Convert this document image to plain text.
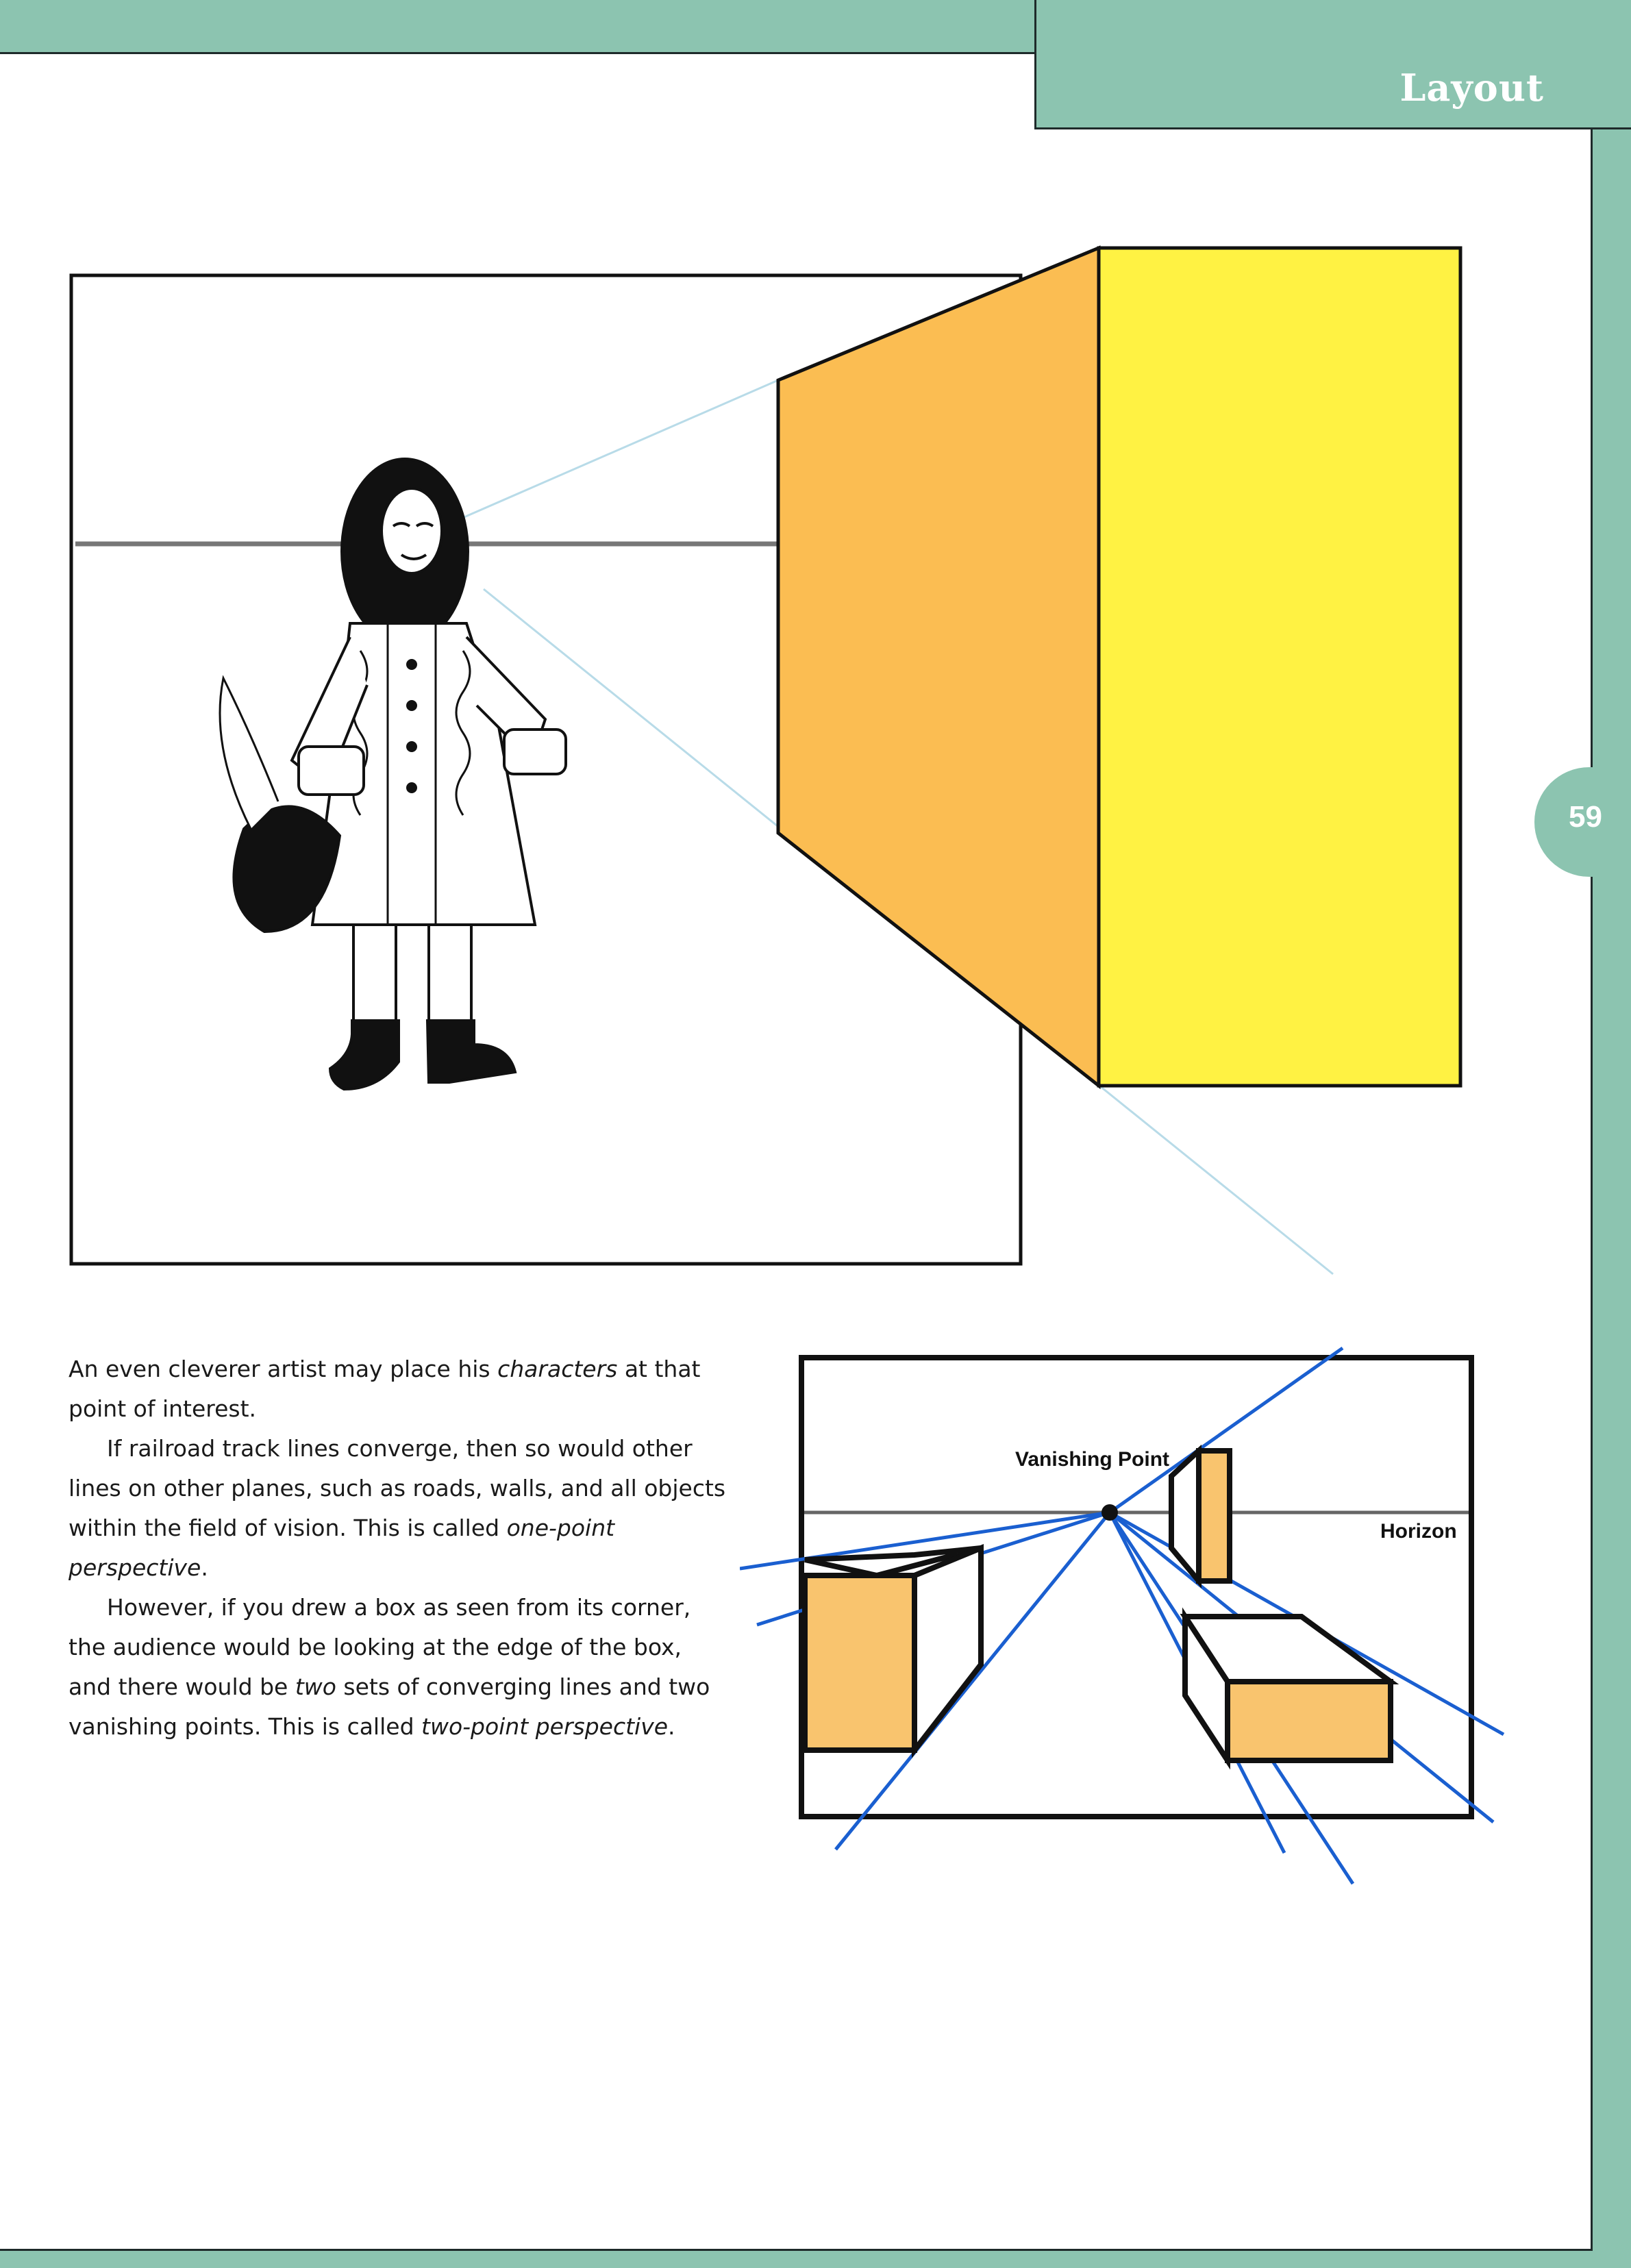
Layout
59

An even cleverer artist may place his characters at that point of interest.

If railroad track lines converge, then so would other lines on other planes, such as roads, walls, and all objects within the field of vision. This is called one-point perspective.

However, if you drew a box as seen from its corner, the audience would be looking at the edge of the box, and there would be two sets of converging lines and two vanishing points. This is called two-point perspective.

Vanishing Point
Horizon
